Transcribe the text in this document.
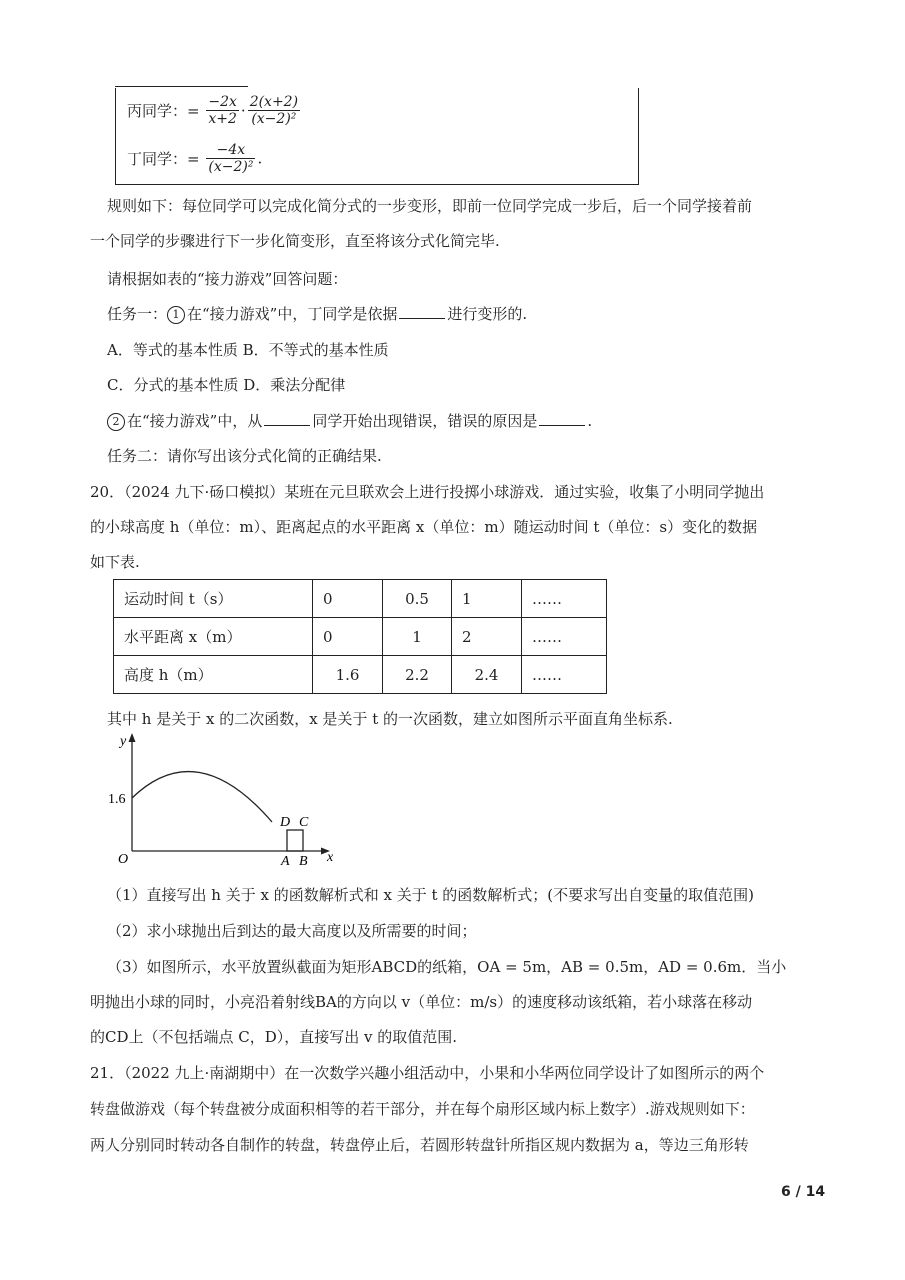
丙同学：= $\frac{-2x}{x+2} \cdot \frac{2(x+2)}{\text{(x−2)²}}$
丁同学：= $\frac{-4x}{\text{(x−2)²}}$ .
规则如下：每位同学可以完成化简分式的一步变形，即前一位同学完成一步后，后一个同学接着前
一个同学的步骤进行下一步化简变形，直至将该分式化简完毕.
请根据如表的“接力游戏”回答问题：
任务一： 1 在“接力游戏”中，丁同学是依据	进行变形的.
A．等式的基本性质 B．不等式的基本性质
C．分式的基本性质 D．乘法分配律
2 在“接力游戏”中，从	同学开始出现错误，错误的原因是	.
任务二：请你写出该分式化简的正确结果.
20．（2024 九下·砀口模拟）某班在元旦联欢会上进行投掷小球游戏．通过实验，收集了小明同学抛出
的小球高度 h（单位：m）、距离起点的水平距离 x（单位：m）随运动时间 t（单位：s）变化的数据
如下表.
运动时间 t（s）	0	0.5	1	……
水平距离 x（m）	0	1	2	……
高度 h（m）	1.6	2.2	2.4	……
其中 h 是关于 x 的二次函数，x 是关于 t 的一次函数，建立如图所示平面直角坐标系.
y
x
O
1.6
A B
D C
（1）直接写出 h 关于 x 的函数解析式和 x 关于 t 的函数解析式；(不要求写出自变量的取值范围)
（2）求小球抛出后到达的最大高度以及所需要的时间；
（3）如图所示，水平放置纵截面为矩形ABCD的纸箱，OA = 5m，AB = 0.5m，AD = 0.6m．当小
明抛出小球的同时，小亮沿着射线BA的方向以 v（单位：m/s）的速度移动该纸箱，若小球落在移动
的CD上（不包括端点 C，D），直接写出 v 的取值范围.
21．（2022 九上·南湖期中）在一次数学兴趣小组活动中，小果和小华两位同学设计了如图所示的两个
转盘做游戏（每个转盘被分成面积相等的若干部分，并在每个扇形区域内标上数字）.游戏规则如下：
两人分别同时转动各自制作的转盘，转盘停止后，若圆形转盘针所指区规内数据为 a，等边三角形转
6 / 14
